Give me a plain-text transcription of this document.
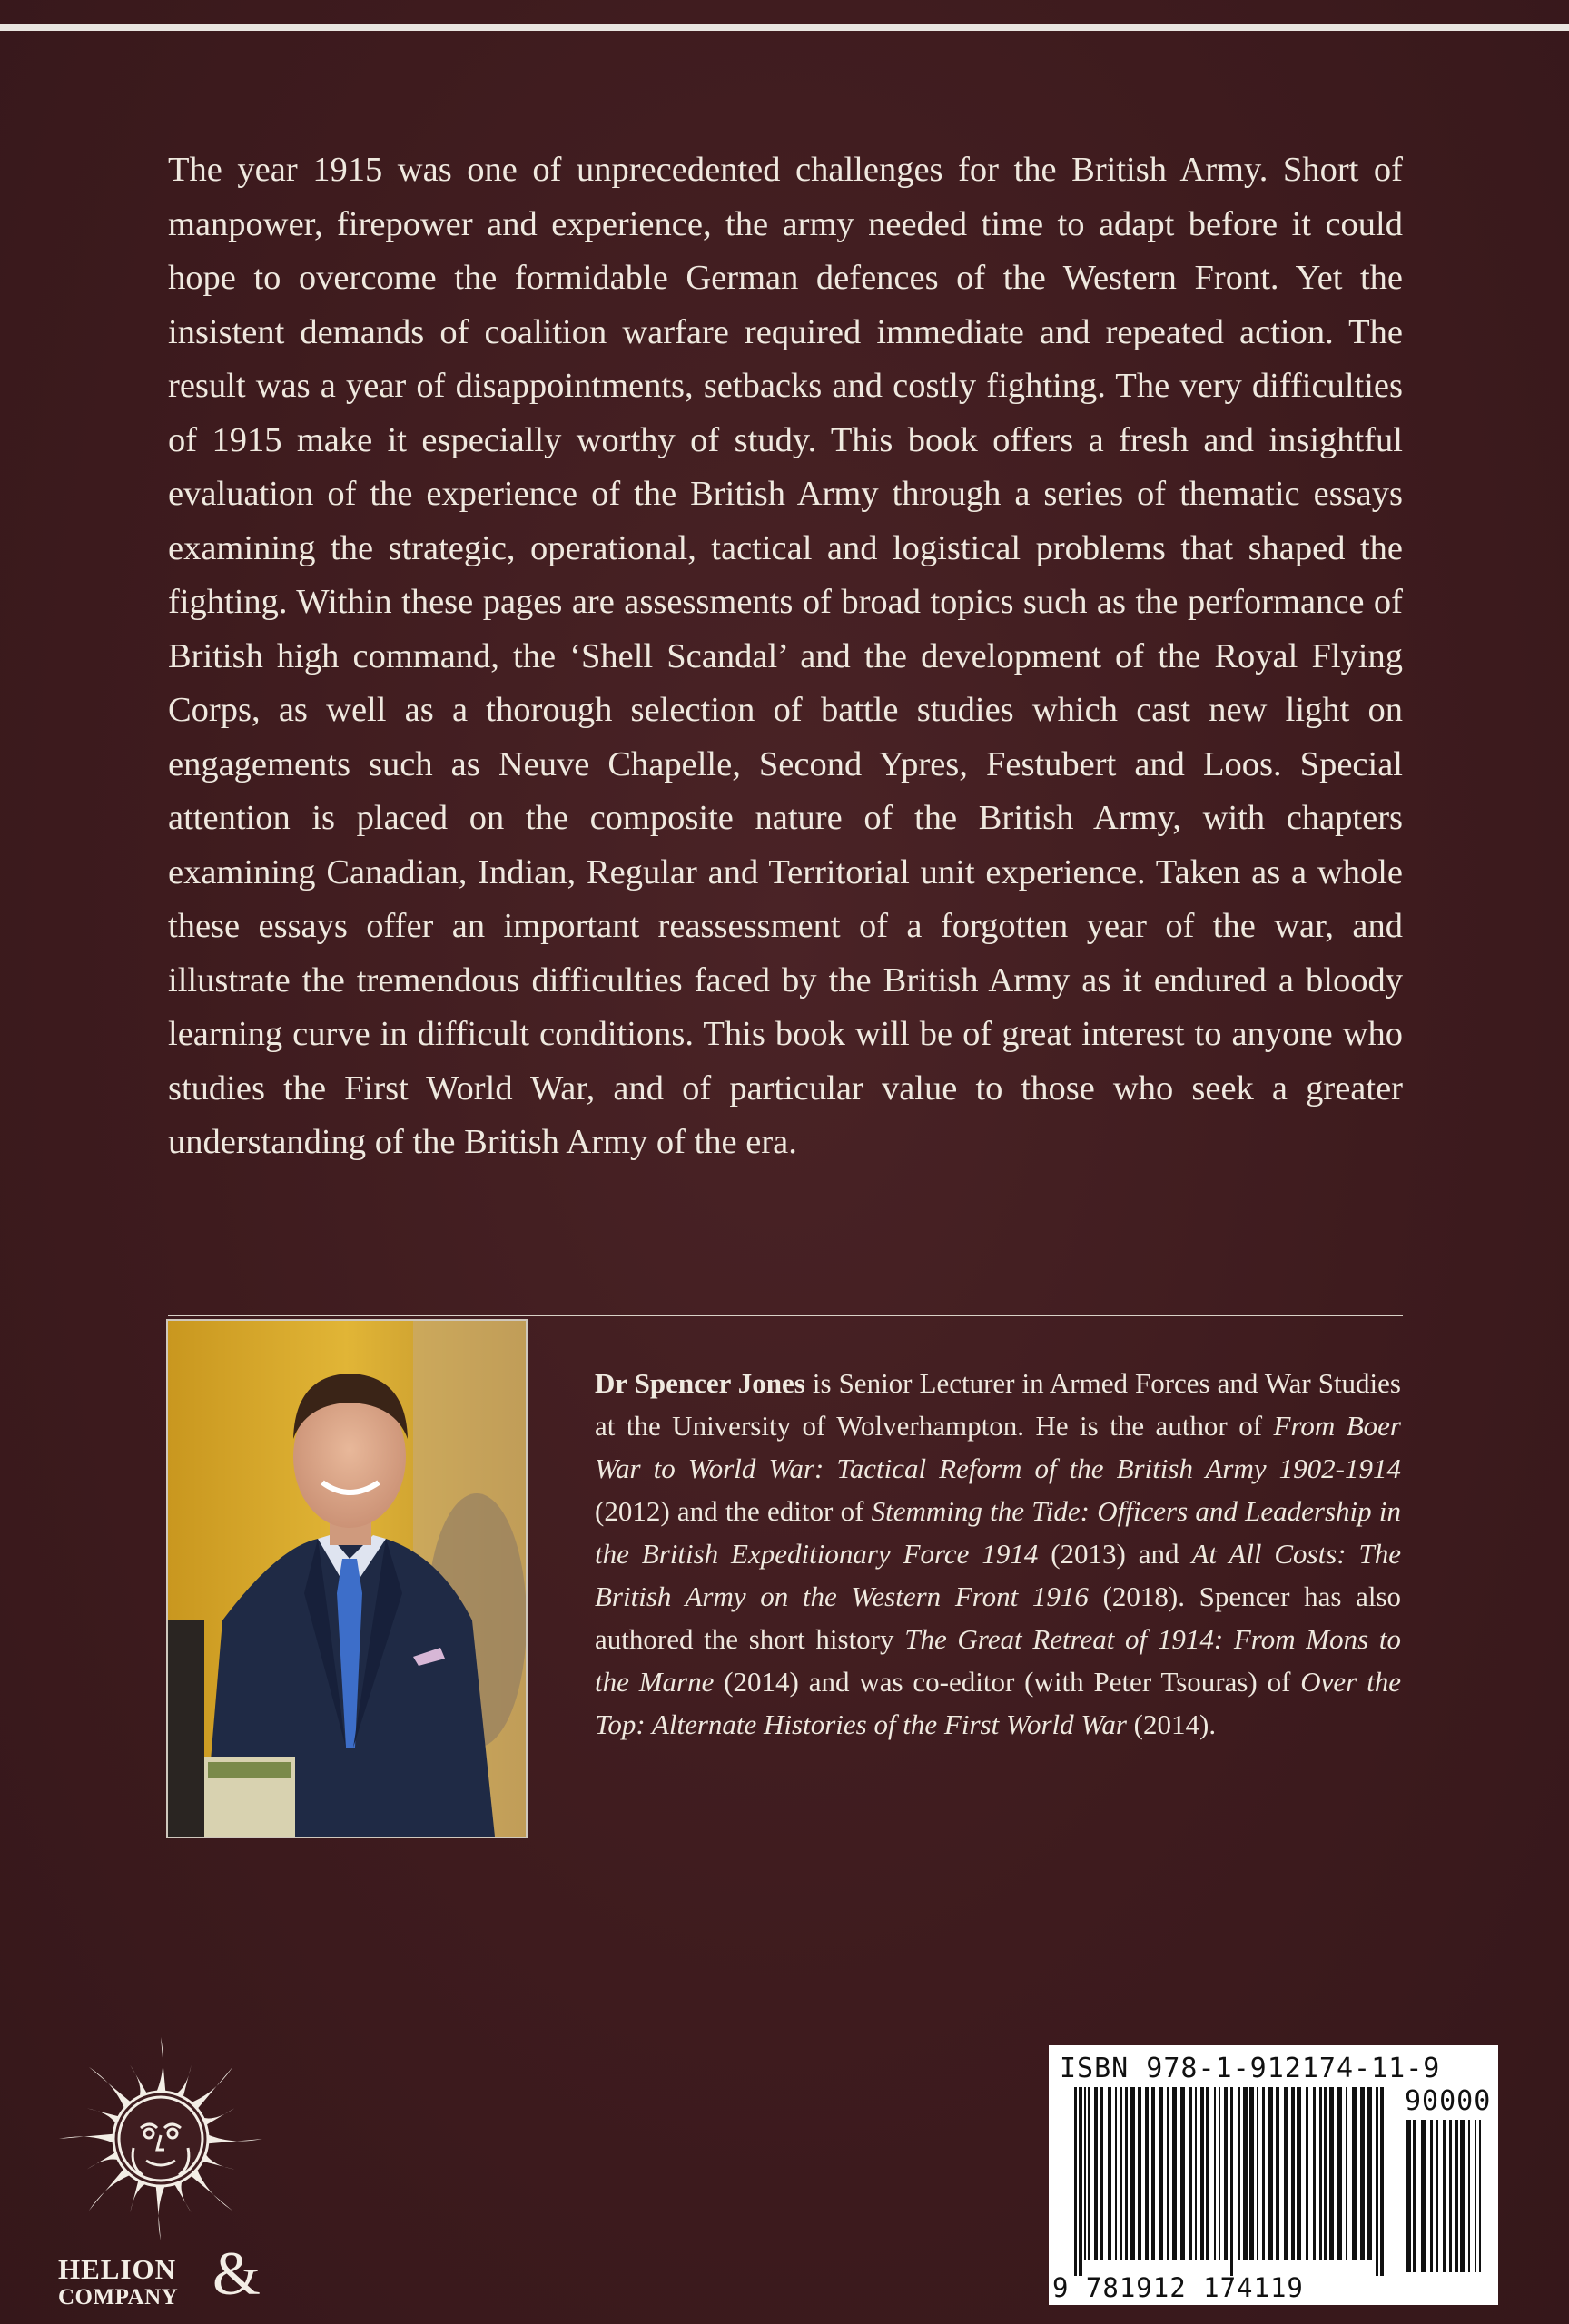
The year 1915 was one of unprecedented challenges for the British Army. Short of manpower, firepower and experience, the army needed time to adapt before it could hope to overcome the formidable German defences of the Western Front. Yet the insistent demands of coalition warfare required immediate and repeated action. The result was a year of disappointments, setbacks and costly fighting. The very difficulties of 1915 make it especially worthy of study. This book offers a fresh and insightful evaluation of the experience of the British Army through a series of thematic essays examining the strategic, operational, tactical and logistical problems that shaped the fighting. Within these pages are assessments of broad topics such as the performance of British high command, the ‘Shell Scandal’ and the development of the Royal Flying Corps, as well as a thorough selection of battle studies which cast new light on engagements such as Neuve Chapelle, Second Ypres, Festubert and Loos. Special attention is placed on the composite nature of the British Army, with chapters examining Canadian, Indian, Regular and Territorial unit experience. Taken as a whole these essays offer an important reassessment of a forgotten year of the war, and illustrate the tremendous difficulties faced by the British Army as it endured a bloody learning curve in difficult conditions. This book will be of great interest to anyone who studies the First World War, and of particular value to those who seek a greater understanding of the British Army of the era.

Dr Spencer Jones is Senior Lecturer in Armed Forces and War Studies at the University of Wolverhampton. He is the author of From Boer War to World War: Tactical Reform of the British Army 1902-1914 (2012) and the editor of Stemming the Tide: Officers and Leadership in the British Expeditionary Force 1914 (2013) and At All Costs: The British Army on the Western Front 1916 (2018). Spencer has also authored the short history The Great Retreat of 1914: From Mons to the Marne (2014) and was co-editor (with Peter Tsouras) of Over the Top: Alternate Histories of the First World War (2014).

HELION
COMPANY &
ISBN 978-1-912174-11-9
90000
9 781912 174119
